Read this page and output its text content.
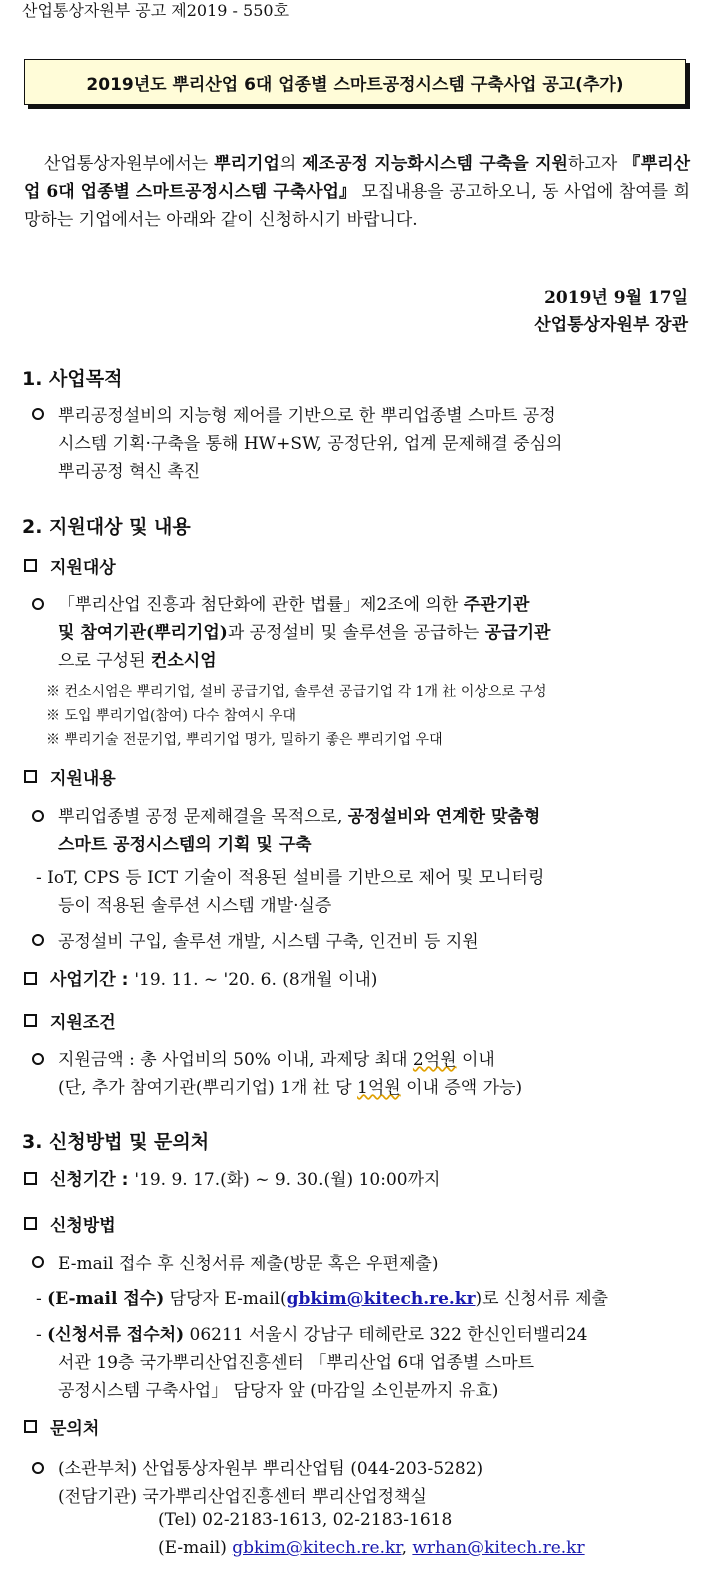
산업통상자원부 공고 제2019 - 550호
2019년도 뿌리산업 6대 업종별 스마트공정시스템 구축사업 공고(추가)

산업통상자원부에서는 뿌리기업의 제조공정 지능화시스템 구축을 지원하고자 『뿌리산업 6대 업종별 스마트공정시스템 구축사업』 모집내용을 공고하오니, 동 사업에 참여를 희망하는 기업에서는 아래와 같이 신청하시기 바랍니다.

2019년 9월 17일
산업통상자원부 장관
1. 사업목적
뿌리공정설비의 지능형 제어를 기반으로 한 뿌리업종별 스마트 공정
시스템 기획·구축을 통해 HW+SW, 공정단위, 업계 문제해결 중심의
뿌리공정 혁신 촉진
2. 지원대상 및 내용
지원대상
「뿌리산업 진흥과 첨단화에 관한 법률」제2조에 의한 주관기관
및 참여기관(뿌리기업)과 공정설비 및 솔루션을 공급하는 공급기관
으로 구성된 컨소시엄
※ 컨소시엄은 뿌리기업, 설비 공급기업, 솔루션 공급기업 각 1개 社 이상으로 구성
※ 도입 뿌리기업(참여) 다수 참여시 우대
※ 뿌리기술 전문기업, 뿌리기업 명가, 밀하기 좋은 뿌리기업 우대
지원내용
뿌리업종별 공정 문제해결을 목적으로, 공정설비와 연계한 맞춤형
스마트 공정시스템의 기획 및 구축
- IoT, CPS 등 ICT 기술이 적용된 설비를 기반으로 제어 및 모니터링
등이 적용된 솔루션 시스템 개발·실증
공정설비 구입, 솔루션 개발, 시스템 구축, 인건비 등 지원
사업기간 : '19. 11. ~ '20. 6. (8개월 이내)
지원조건
지원금액 : 총 사업비의 50% 이내, 과제당 최대 2억원 이내
(단, 추가 참여기관(뿌리기업) 1개 社 당 1억원 이내 증액 가능)
3. 신청방법 및 문의처
신청기간 : '19. 9. 17.(화) ~ 9. 30.(월) 10:00까지
신청방법
E-mail 접수 후 신청서류 제출(방문 혹은 우편제출)
- (E-mail 접수) 담당자 E-mail(gbkim@kitech.re.kr)로 신청서류 제출
- (신청서류 접수처) 06211 서울시 강남구 테헤란로 322 한신인터밸리24
서관 19층 국가뿌리산업진흥센터 「뿌리산업 6대 업종별 스마트
공정시스템 구축사업」 담당자 앞 (마감일 소인분까지 유효)
문의처
(소관부처) 산업통상자원부 뿌리산업팀 (044-203-5282)
(전담기관) 국가뿌리산업진흥센터 뿌리산업정책실
(Tel) 02-2183-1613, 02-2183-1618
(E-mail) gbkim@kitech.re.kr, wrhan@kitech.re.kr
